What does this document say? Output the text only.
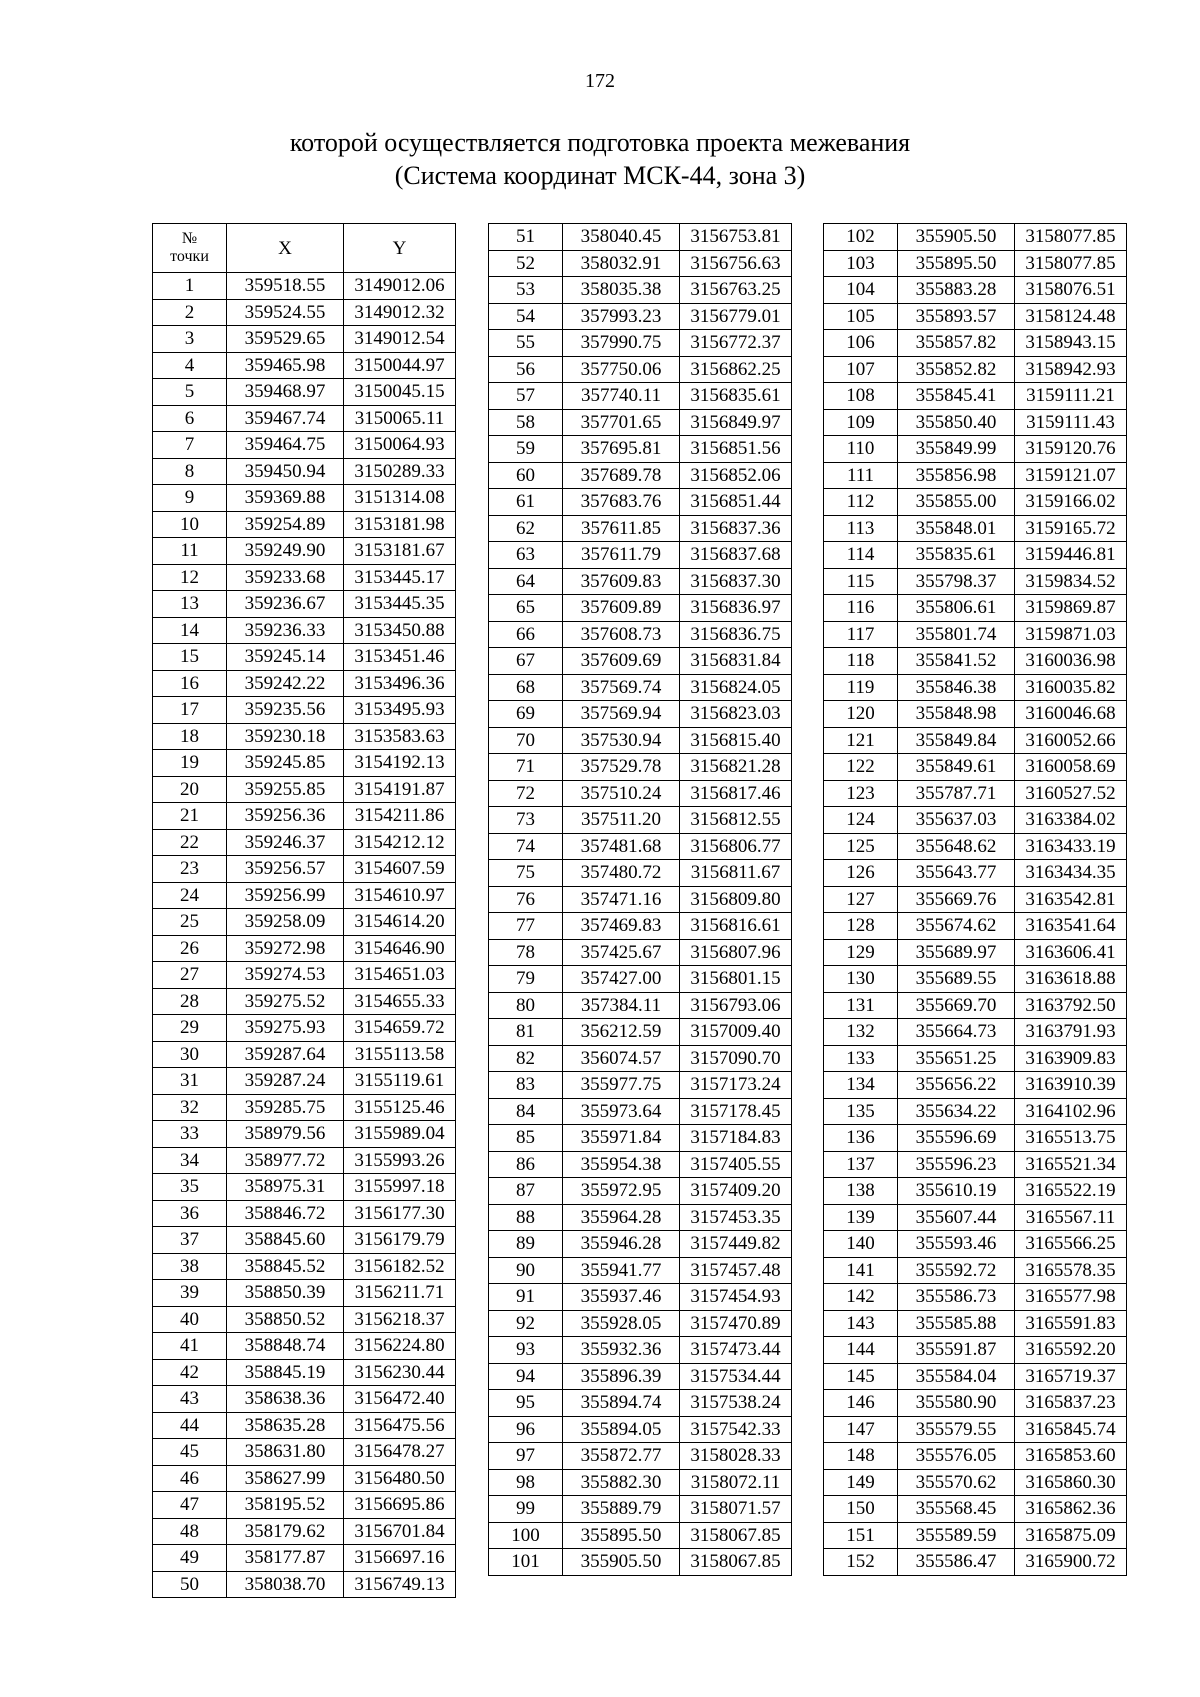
172
которой осуществляется подготовка проекта межевания
(Система координат МСК-44, зона 3)
№
точки	X	Y
1	359518.55	3149012.06
2	359524.55	3149012.32
3	359529.65	3149012.54
4	359465.98	3150044.97
5	359468.97	3150045.15
6	359467.74	3150065.11
7	359464.75	3150064.93
8	359450.94	3150289.33
9	359369.88	3151314.08
10	359254.89	3153181.98
11	359249.90	3153181.67
12	359233.68	3153445.17
13	359236.67	3153445.35
14	359236.33	3153450.88
15	359245.14	3153451.46
16	359242.22	3153496.36
17	359235.56	3153495.93
18	359230.18	3153583.63
19	359245.85	3154192.13
20	359255.85	3154191.87
21	359256.36	3154211.86
22	359246.37	3154212.12
23	359256.57	3154607.59
24	359256.99	3154610.97
25	359258.09	3154614.20
26	359272.98	3154646.90
27	359274.53	3154651.03
28	359275.52	3154655.33
29	359275.93	3154659.72
30	359287.64	3155113.58
31	359287.24	3155119.61
32	359285.75	3155125.46
33	358979.56	3155989.04
34	358977.72	3155993.26
35	358975.31	3155997.18
36	358846.72	3156177.30
37	358845.60	3156179.79
38	358845.52	3156182.52
39	358850.39	3156211.71
40	358850.52	3156218.37
41	358848.74	3156224.80
42	358845.19	3156230.44
43	358638.36	3156472.40
44	358635.28	3156475.56
45	358631.80	3156478.27
46	358627.99	3156480.50
47	358195.52	3156695.86
48	358179.62	3156701.84
49	358177.87	3156697.16
50	358038.70	3156749.13
51	358040.45	3156753.81
52	358032.91	3156756.63
53	358035.38	3156763.25
54	357993.23	3156779.01
55	357990.75	3156772.37
56	357750.06	3156862.25
57	357740.11	3156835.61
58	357701.65	3156849.97
59	357695.81	3156851.56
60	357689.78	3156852.06
61	357683.76	3156851.44
62	357611.85	3156837.36
63	357611.79	3156837.68
64	357609.83	3156837.30
65	357609.89	3156836.97
66	357608.73	3156836.75
67	357609.69	3156831.84
68	357569.74	3156824.05
69	357569.94	3156823.03
70	357530.94	3156815.40
71	357529.78	3156821.28
72	357510.24	3156817.46
73	357511.20	3156812.55
74	357481.68	3156806.77
75	357480.72	3156811.67
76	357471.16	3156809.80
77	357469.83	3156816.61
78	357425.67	3156807.96
79	357427.00	3156801.15
80	357384.11	3156793.06
81	356212.59	3157009.40
82	356074.57	3157090.70
83	355977.75	3157173.24
84	355973.64	3157178.45
85	355971.84	3157184.83
86	355954.38	3157405.55
87	355972.95	3157409.20
88	355964.28	3157453.35
89	355946.28	3157449.82
90	355941.77	3157457.48
91	355937.46	3157454.93
92	355928.05	3157470.89
93	355932.36	3157473.44
94	355896.39	3157534.44
95	355894.74	3157538.24
96	355894.05	3157542.33
97	355872.77	3158028.33
98	355882.30	3158072.11
99	355889.79	3158071.57
100	355895.50	3158067.85
101	355905.50	3158067.85
102	355905.50	3158077.85
103	355895.50	3158077.85
104	355883.28	3158076.51
105	355893.57	3158124.48
106	355857.82	3158943.15
107	355852.82	3158942.93
108	355845.41	3159111.21
109	355850.40	3159111.43
110	355849.99	3159120.76
111	355856.98	3159121.07
112	355855.00	3159166.02
113	355848.01	3159165.72
114	355835.61	3159446.81
115	355798.37	3159834.52
116	355806.61	3159869.87
117	355801.74	3159871.03
118	355841.52	3160036.98
119	355846.38	3160035.82
120	355848.98	3160046.68
121	355849.84	3160052.66
122	355849.61	3160058.69
123	355787.71	3160527.52
124	355637.03	3163384.02
125	355648.62	3163433.19
126	355643.77	3163434.35
127	355669.76	3163542.81
128	355674.62	3163541.64
129	355689.97	3163606.41
130	355689.55	3163618.88
131	355669.70	3163792.50
132	355664.73	3163791.93
133	355651.25	3163909.83
134	355656.22	3163910.39
135	355634.22	3164102.96
136	355596.69	3165513.75
137	355596.23	3165521.34
138	355610.19	3165522.19
139	355607.44	3165567.11
140	355593.46	3165566.25
141	355592.72	3165578.35
142	355586.73	3165577.98
143	355585.88	3165591.83
144	355591.87	3165592.20
145	355584.04	3165719.37
146	355580.90	3165837.23
147	355579.55	3165845.74
148	355576.05	3165853.60
149	355570.62	3165860.30
150	355568.45	3165862.36
151	355589.59	3165875.09
152	355586.47	3165900.72
